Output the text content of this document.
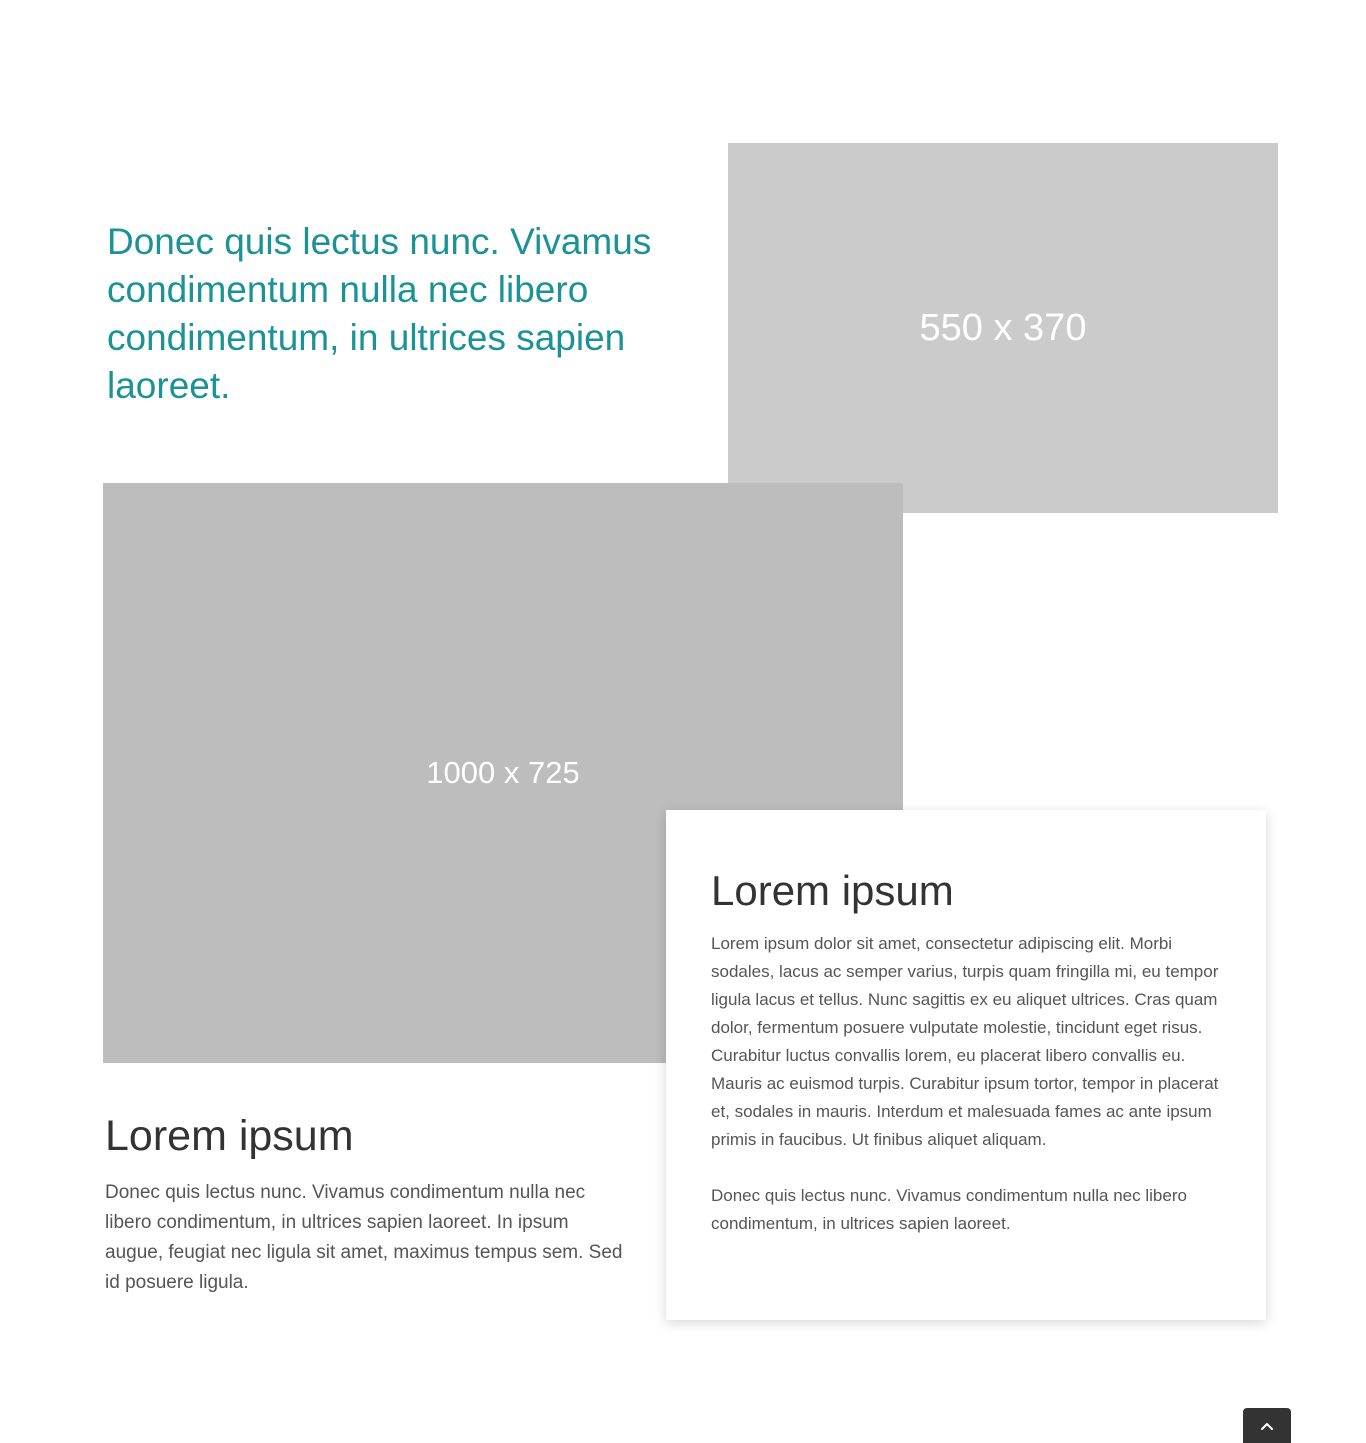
Donec quis lectus nunc. Vivamus condimentum nulla nec libero condimentum, in ultrices sapien laoreet.
550 x 370
1000 x 725
Lorem ipsum

Donec quis lectus nunc. Vivamus condimentum nulla nec libero condimentum, in ultrices sapien laoreet. In ipsum augue, feugiat nec ligula sit amet, maximus tempus sem. Sed id posuere ligula.

Lorem ipsum

Lorem ipsum dolor sit amet, consectetur adipiscing elit. Morbi sodales, lacus ac semper varius, turpis quam fringilla mi, eu tempor ligula lacus et tellus. Nunc sagittis ex eu aliquet ultrices. Cras quam dolor, fermentum posuere vulputate molestie, tincidunt eget risus. Curabitur luctus convallis lorem, eu placerat libero convallis eu. Mauris ac euismod turpis. Curabitur ipsum tortor, tempor in placerat et, sodales in mauris. Interdum et malesuada fames ac ante ipsum primis in faucibus. Ut finibus aliquet aliquam.

Donec quis lectus nunc. Vivamus condimentum nulla nec libero condimentum, in ultrices sapien laoreet.
